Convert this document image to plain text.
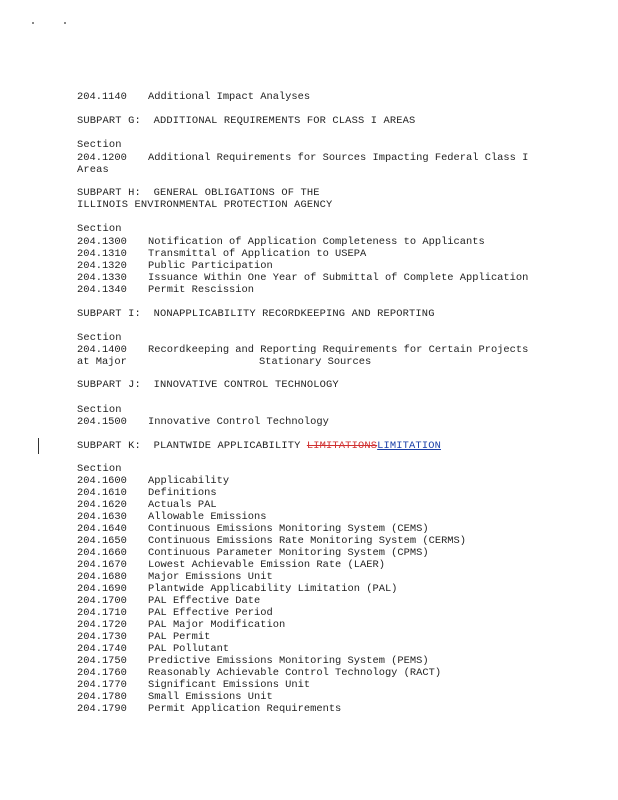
204.1140 Additional Impact Analyses
SUBPART G:  ADDITIONAL REQUIREMENTS FOR CLASS I AREAS
Section
204.1200 Additional Requirements for Sources Impacting Federal Class I
Areas
SUBPART H:  GENERAL OBLIGATIONS OF THE
ILLINOIS ENVIRONMENTAL PROTECTION AGENCY
Section
204.1300 Notification of Application Completeness to Applicants
204.1310 Transmittal of Application to USEPA
204.1320 Public Participation
204.1330 Issuance Within One Year of Submittal of Complete Application
204.1340 Permit Rescission
SUBPART I:  NONAPPLICABILITY RECORDKEEPING AND REPORTING
Section
204.1400 Recordkeeping and Reporting Requirements for Certain Projects
at Major	Stationary Sources
SUBPART J:  INNOVATIVE CONTROL TECHNOLOGY
Section
204.1500 Innovative Control Technology
SUBPART K:  PLANTWIDE APPLICABILITY LIMITATIONSLIMITATION
Section
204.1600 Applicability
204.1610 Definitions
204.1620 Actuals PAL
204.1630 Allowable Emissions
204.1640 Continuous Emissions Monitoring System (CEMS)
204.1650 Continuous Emissions Rate Monitoring System (CERMS)
204.1660 Continuous Parameter Monitoring System (CPMS)
204.1670 Lowest Achievable Emission Rate (LAER)
204.1680 Major Emissions Unit
204.1690 Plantwide Applicability Limitation (PAL)
204.1700 PAL Effective Date
204.1710 PAL Effective Period
204.1720 PAL Major Modification
204.1730 PAL Permit
204.1740 PAL Pollutant
204.1750 Predictive Emissions Monitoring System (PEMS)
204.1760 Reasonably Achievable Control Technology (RACT)
204.1770 Significant Emissions Unit
204.1780 Small Emissions Unit
204.1790 Permit Application Requirements
